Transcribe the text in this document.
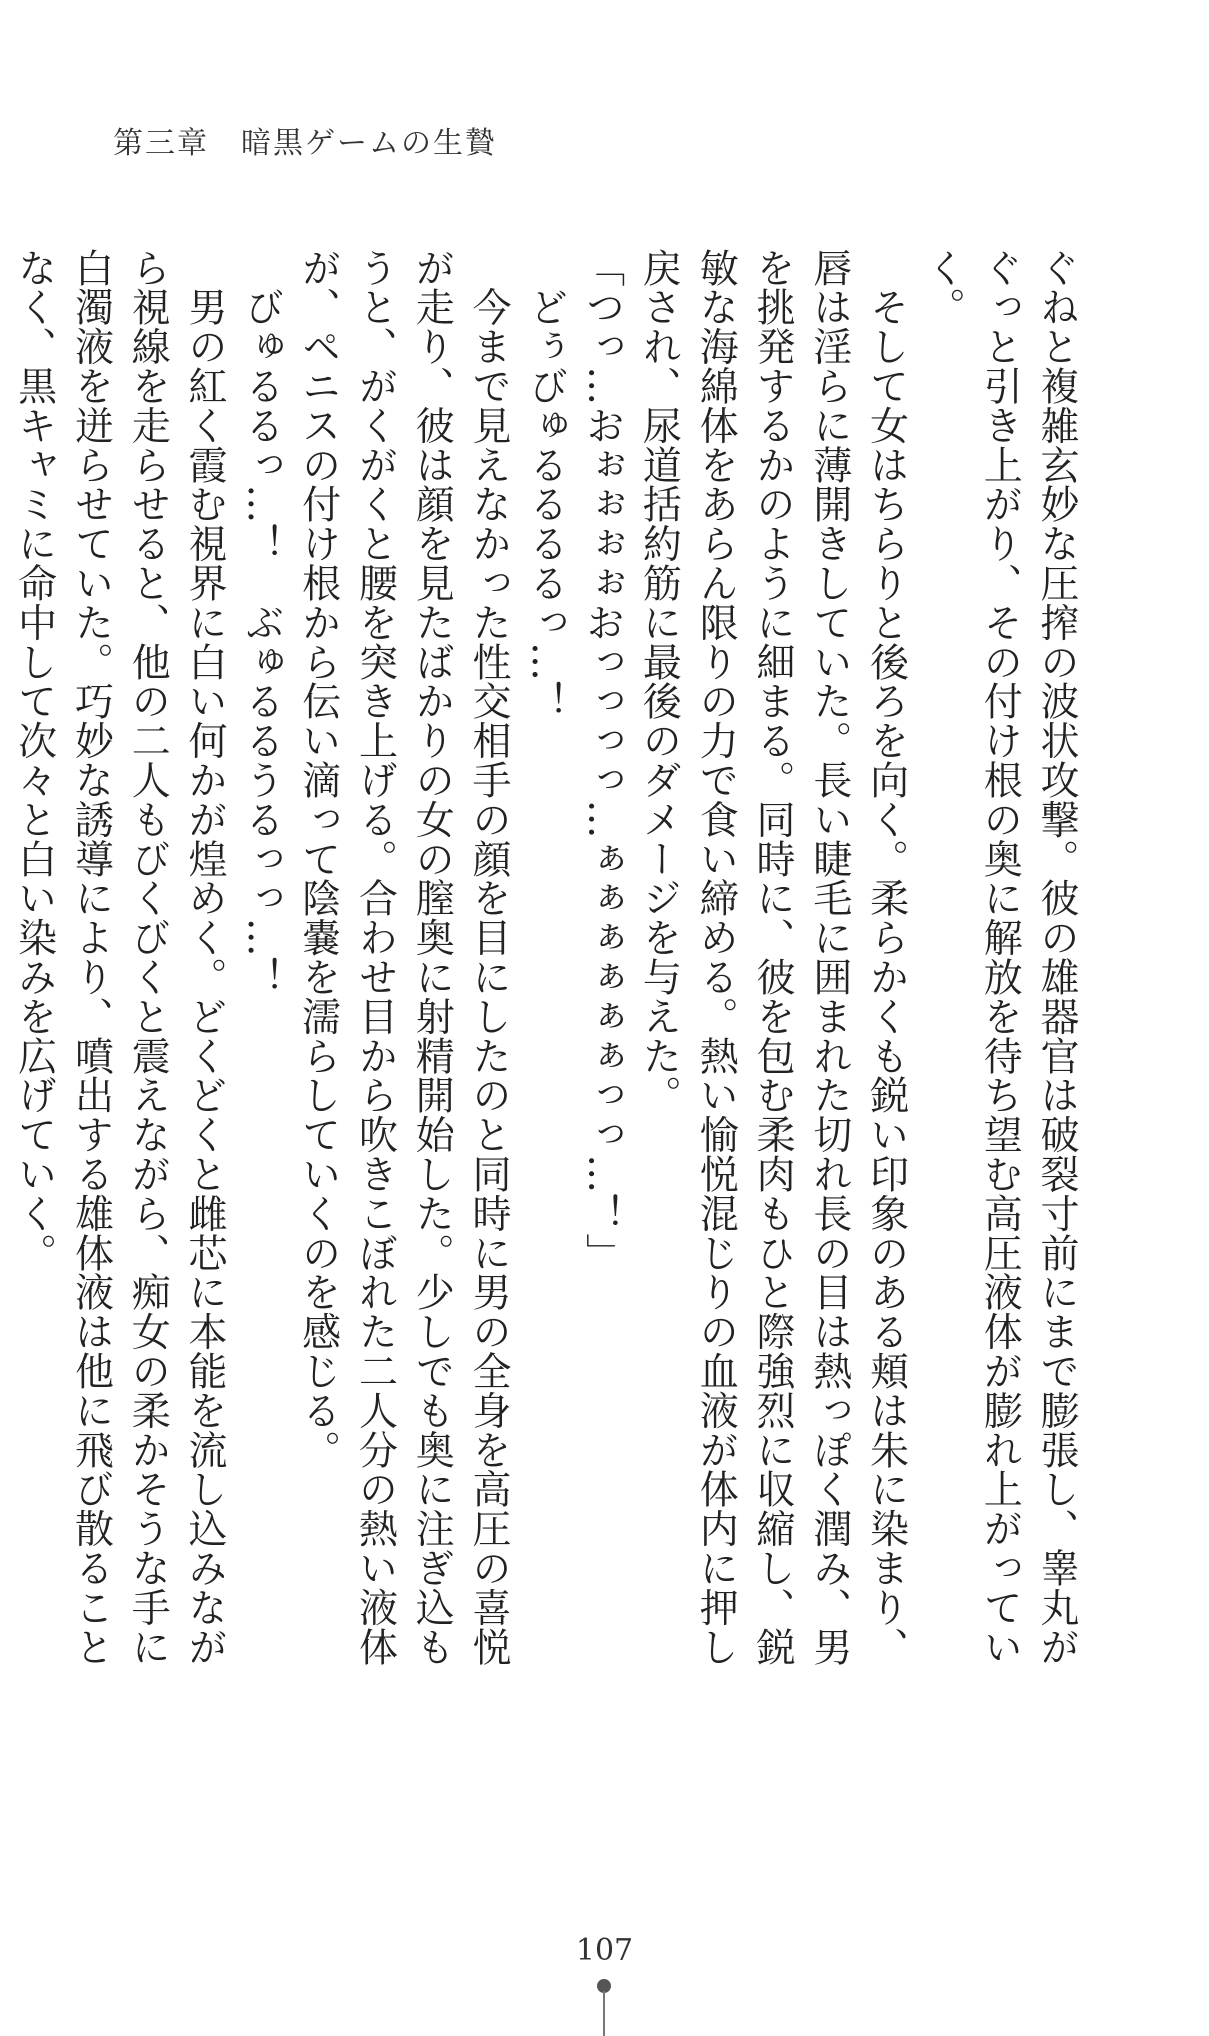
第三章　暗黒ゲームの生贄

ぐねと複雑玄妙な圧搾の波状攻撃。彼の雄器官は破裂寸前にまで膨張し、睾丸がぐっと引き上がり、その付け根の奥に解放を待ち望む高圧液体が膨れ上がっていく。

　そして女はちらりと後ろを向く。柔らかくも鋭い印象のある頬は朱に染まり、唇は淫らに薄開きしていた。長い睫毛に囲まれた切れ長の目は熱っぽく潤み、男を挑発するかのように細まる。同時に、彼を包む柔肉もひと際強烈に収縮し、鋭敏な海綿体をあらん限りの力で食い締める。熱い愉悦混じりの血液が体内に押し戻され、尿道括約筋に最後のダメージを与えた。

「つっ…おぉぉぉぉおっっっっ…ぁぁぁぁぁぁっっ…！」

　どぅびゅるるるるっ…！

　今まで見えなかった性交相手の顔を目にしたのと同時に男の全身を高圧の喜悦が走り、彼は顔を見たばかりの女の膣奥に射精開始した。少しでも奥に注ぎ込もうと、がくがくと腰を突き上げる。合わせ目から吹きこぼれた二人分の熱い液体が、ペニスの付け根から伝い滴って陰嚢を濡らしていくのを感じる。

　びゅるるっ…！　ぶゅるるうるっっ…！

　男の紅く霞む視界に白い何かが煌めく。どくどくと雌芯に本能を流し込みながら視線を走らせると、他の二人もびくびくと震えながら、痴女の柔かそうな手に白濁液を迸らせていた。巧妙な誘導により、噴出する雄体液は他に飛び散ることなく、黒キャミに命中して次々と白い染みを広げていく。

107
